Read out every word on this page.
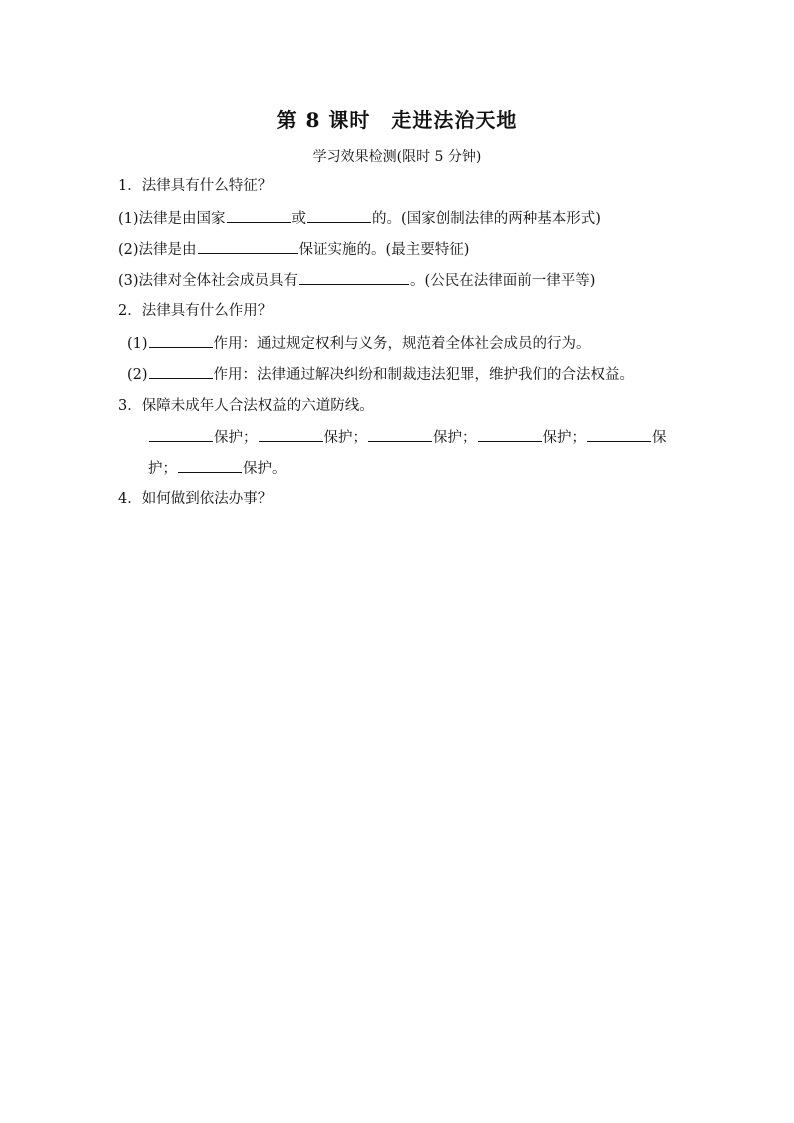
第 8 课时　走进法治天地
学习效果检测(限时 5 分钟)
1．法律具有什么特征？
(1)法律是由国家	或	的。(国家创制法律的两种基本形式)
(2)法律是由	保证实施的。(最主要特征)
(3)法律对全体社会成员具有	。(公民在法律面前一律平等)
2．法律具有什么作用？
(1)	作用：通过规定权利与义务，规范着全体社会成员的行为。
(2)	作用：法律通过解决纠纷和制裁违法犯罪，维护我们的合法权益。
3．保障未成年人合法权益的六道防线。
保护；	保护；	保护；	保护；	保
护；	保护。
4．如何做到依法办事？
